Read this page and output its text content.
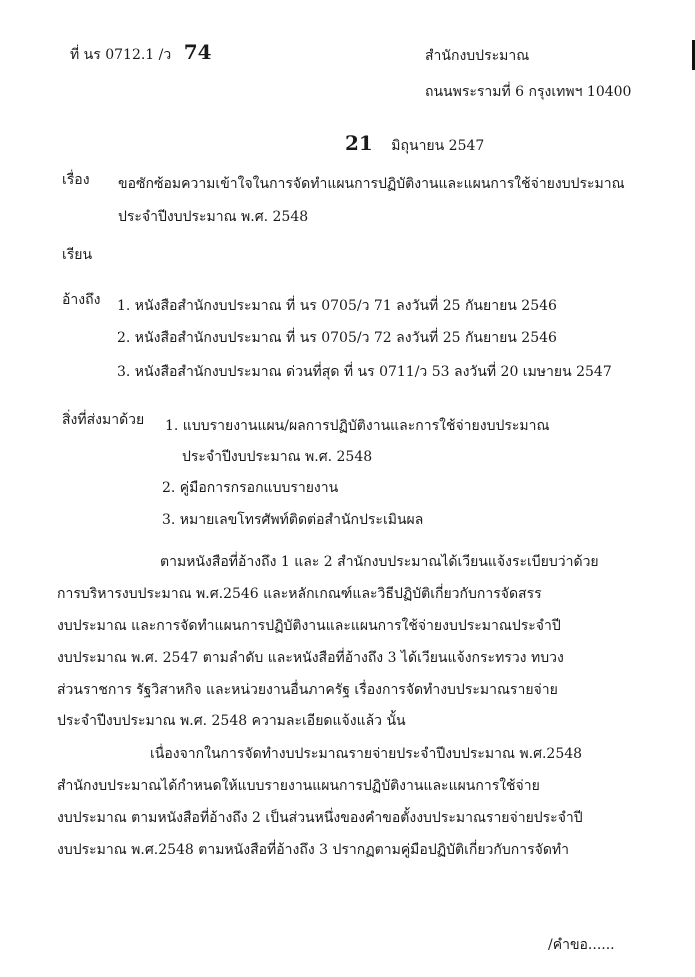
ที่ นร 0712.1 /ว 74	สำนักงบประมาณ
ถนนพระรามที่ 6 กรุงเทพฯ 10400
21 มิถุนายน 2547
เรื่อง ขอซักซ้อมความเข้าใจในการจัดทำแผนการปฏิบัติงานและแผนการใช้จ่ายงบประมาณ
ประจำปีงบประมาณ พ.ศ. 2548
เรียน
อ้างถึง 1. หนังสือสำนักงบประมาณ ที่ นร 0705/ว 71 ลงวันที่ 25 กันยายน 2546
2. หนังสือสำนักงบประมาณ ที่ นร 0705/ว 72 ลงวันที่ 25 กันยายน 2546
3. หนังสือสำนักงบประมาณ ด่วนที่สุด ที่ นร 0711/ว 53 ลงวันที่ 20 เมษายน 2547
สิ่งที่ส่งมาด้วย 1. แบบรายงานแผน/ผลการปฏิบัติงานและการใช้จ่ายงบประมาณ
ประจำปีงบประมาณ พ.ศ. 2548
2. คู่มือการกรอกแบบรายงาน
3. หมายเลขโทรศัพท์ติดต่อสำนักประเมินผล
ตามหนังสือที่อ้างถึง 1 และ 2 สำนักงบประมาณได้เวียนแจ้งระเบียบว่าด้วย
การบริหารงบประมาณ พ.ศ.2546 และหลักเกณฑ์และวิธีปฏิบัติเกี่ยวกับการจัดสรร
งบประมาณ และการจัดทำแผนการปฏิบัติงานและแผนการใช้จ่ายงบประมาณประจำปี
งบประมาณ พ.ศ. 2547 ตามลำดับ และหนังสือที่อ้างถึง 3 ได้เวียนแจ้งกระทรวง ทบวง
ส่วนราชการ รัฐวิสาหกิจ และหน่วยงานอื่นภาครัฐ เรื่องการจัดทำงบประมาณรายจ่าย
ประจำปีงบประมาณ พ.ศ. 2548 ความละเอียดแจ้งแล้ว นั้น
เนื่องจากในการจัดทำงบประมาณรายจ่ายประจำปีงบประมาณ พ.ศ.2548
สำนักงบประมาณได้กำหนดให้แบบรายงานแผนการปฏิบัติงานและแผนการใช้จ่าย
งบประมาณ ตามหนังสือที่อ้างถึง 2 เป็นส่วนหนึ่งของคำขอตั้งงบประมาณรายจ่ายประจำปี
งบประมาณ พ.ศ.2548 ตามหนังสือที่อ้างถึง 3 ปรากฏตามคู่มือปฏิบัติเกี่ยวกับการจัดทำ
/คำขอ......
